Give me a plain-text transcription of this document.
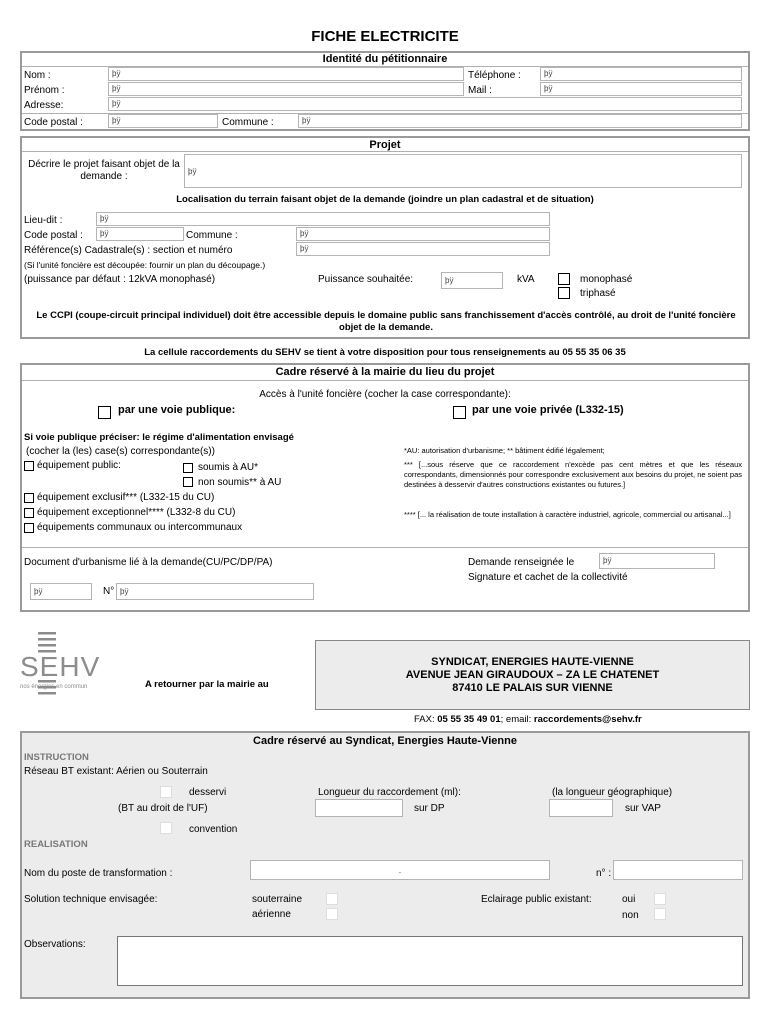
FICHE ELECTRICITE
Identité du pétitionnaire
Nom :	þÿ	Téléphone :	þÿ
Prénom :	þÿ	Mail :	þÿ
Adresse:	þÿ
Code postal :	þÿ	Commune :	þÿ
Projet
Décrire le projet faisant objet de la demande :	þÿ
Localisation du terrain faisant objet de la demande (joindre un plan cadastral et de situation)
Lieu-dit :	þÿ
Code postal :	þÿ	Commune :	þÿ
Référence(s) Cadastrale(s) : section et numéro	þÿ
(Si l'unité foncière est découpée: fournir un plan du découpage.)
(puissance par défaut : 12kVA monophasé)	Puissance souhaitée:	þÿ	kVA	monophasé
triphasé
Le CCPI (coupe-circuit principal individuel) doit être accessible depuis le domaine public sans franchissement d'accès contrôlé, au droit de l'unité foncière objet de la demande.
La cellule raccordements du SEHV se tient à votre disposition pour tous renseignements au 05 55 35 06 35
Cadre réservé à la mairie du lieu du projet
Accès à l'unité foncière (cocher la case correspondante):
par une voie publique:	par une voie privée (L332-15)
Si voie publique préciser: le régime d'alimentation envisagé
(cocher la (les) case(s) correspondante(s))
équipement public:	soumis à AU*
non soumis** à AU
équipement exclusif*** (L332-15 du CU)
équipement exceptionnel**** (L332-8 du CU)
équipements communaux ou intercommunaux
*AU: autorisation d'urbanisme; ** bâtiment édifié légalement;
*** [...sous réserve que ce raccordement n'excède pas cent mètres et que les réseaux correspondants, dimensionnés pour correspondre exclusivement aux besoins du projet, ne soient pas destinées à desservir d'autres constructions existantes ou futures.]
**** [... la réalisation de toute installation à caractère industriel, agricole, commercial ou artisanal...]
Document d'urbanisme lié à la demande(CU/PC/DP/PA)
þÿ	N° þÿ
Demande renseignée le	þÿ
Signature et cachet de la collectivité
SEHV
nos énergies en commun	A retourner par la mairie au
SYNDICAT, ENERGIES HAUTE-VIENNE
AVENUE JEAN GIRAUDOUX – ZA LE CHATENET
87410 LE PALAIS SUR VIENNE
FAX: 05 55 35 49 01; email: raccordements@sehv.fr
Cadre réservé au Syndicat, Energies Haute-Vienne
INSTRUCTION
Réseau BT existant: Aérien ou Souterrain
desservi
(BT au droit de l'UF)
Longueur du raccordement (ml):
sur DP
(la longueur géographique)
sur VAP
convention
REALISATION
Nom du poste de transformation :	.	n° :
Solution technique envisagée:	souterraine
aérienne
Eclairage public existant:	oui
non
Observations:
